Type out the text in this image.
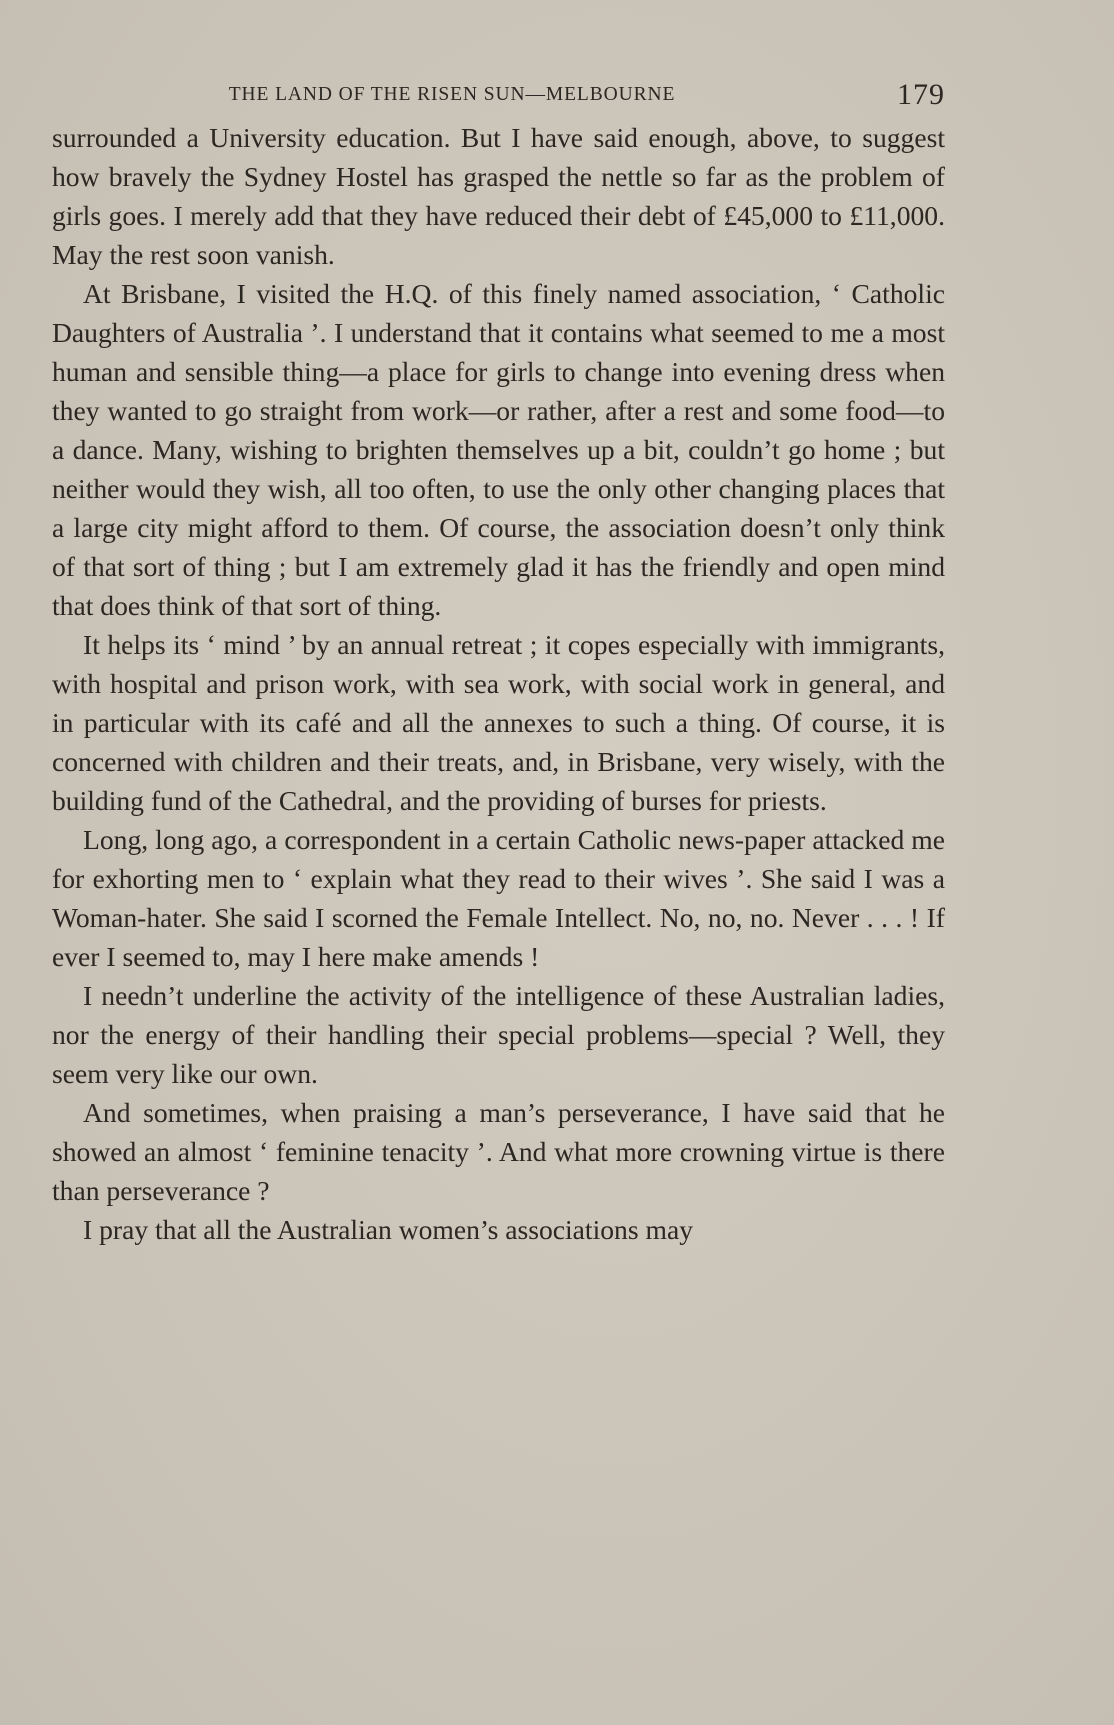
THE LAND OF THE RISEN SUN—MELBOURNE	179

surrounded a University education. But I have said enough, above, to suggest how bravely the Sydney Hostel has grasped the nettle so far as the problem of girls goes. I merely add that they have reduced their debt of £45,000 to £11,000. May the rest soon vanish.

At Brisbane, I visited the H.Q. of this finely named association, ‘ Catholic Daughters of Australia ’. I understand that it contains what seemed to me a most human and sensible thing—a place for girls to change into evening dress when they wanted to go straight from work—or rather, after a rest and some food—to a dance. Many, wishing to brighten themselves up a bit, couldn’t go home ; but neither would they wish, all too often, to use the only other changing places that a large city might afford to them. Of course, the association doesn’t only think of that sort of thing ; but I am extremely glad it has the friendly and open mind that does think of that sort of thing.

It helps its ‘ mind ’ by an annual retreat ; it copes especially with immigrants, with hospital and prison work, with sea work, with social work in general, and in particular with its café and all the annexes to such a thing. Of course, it is concerned with children and their treats, and, in Brisbane, very wisely, with the building fund of the Cathedral, and the providing of burses for priests.

Long, long ago, a correspondent in a certain Catholic news-paper attacked me for exhorting men to ‘ explain what they read to their wives ’. She said I was a Woman-hater. She said I scorned the Female Intellect. No, no, no. Never . . . ! If ever I seemed to, may I here make amends !

I needn’t underline the activity of the intelligence of these Australian ladies, nor the energy of their handling their special problems—special ? Well, they seem very like our own.

And sometimes, when praising a man’s perseverance, I have said that he showed an almost ‘ feminine tenacity ’. And what more crowning virtue is there than perseverance ?

I pray that all the Australian women’s associations may
